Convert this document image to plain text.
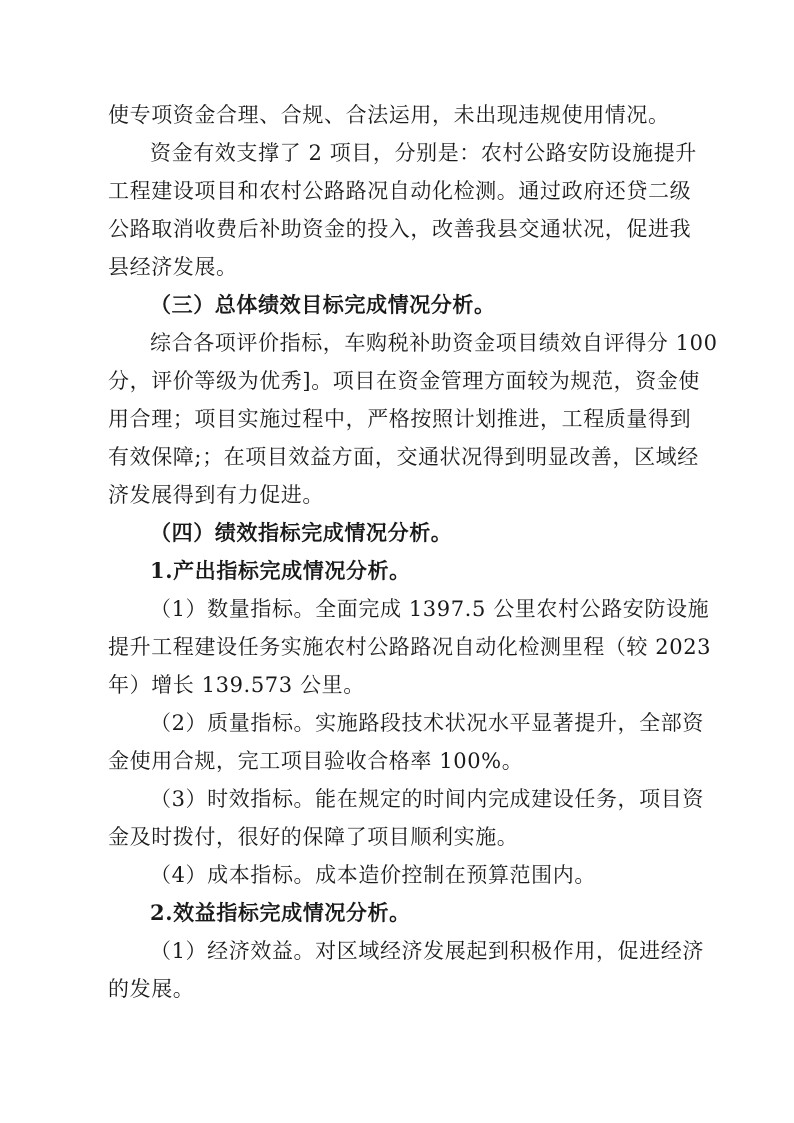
使专项资金合理、合规、合法运用，未出现违规使用情况。
资金有效支撑了 2 项目，分别是：农村公路安防设施提升
工程建设项目和农村公路路况自动化检测。通过政府还贷二级
公路取消收费后补助资金的投入，改善我县交通状况，促进我
县经济发展。
（三）总体绩效目标完成情况分析。
综合各项评价指标，车购税补助资金项目绩效自评得分 100
分，评价等级为优秀]。项目在资金管理方面较为规范，资金使
用合理；项目实施过程中，严格按照计划推进，工程质量得到
有效保障;；在项目效益方面，交通状况得到明显改善，区域经
济发展得到有力促进。
（四）绩效指标完成情况分析。
1.产出指标完成情况分析。
（1）数量指标。全面完成 1397.5 公里农村公路安防设施
提升工程建设任务实施农村公路路况自动化检测里程（较 2023
年）增长 139.573 公里。
（2）质量指标。实施路段技术状况水平显著提升，全部资
金使用合规，完工项目验收合格率 100%。
（3）时效指标。能在规定的时间内完成建设任务，项目资
金及时拨付，很好的保障了项目顺利实施。
（4）成本指标。成本造价控制在预算范围内。
2.效益指标完成情况分析。
（1）经济效益。对区域经济发展起到积极作用，促进经济
的发展。
